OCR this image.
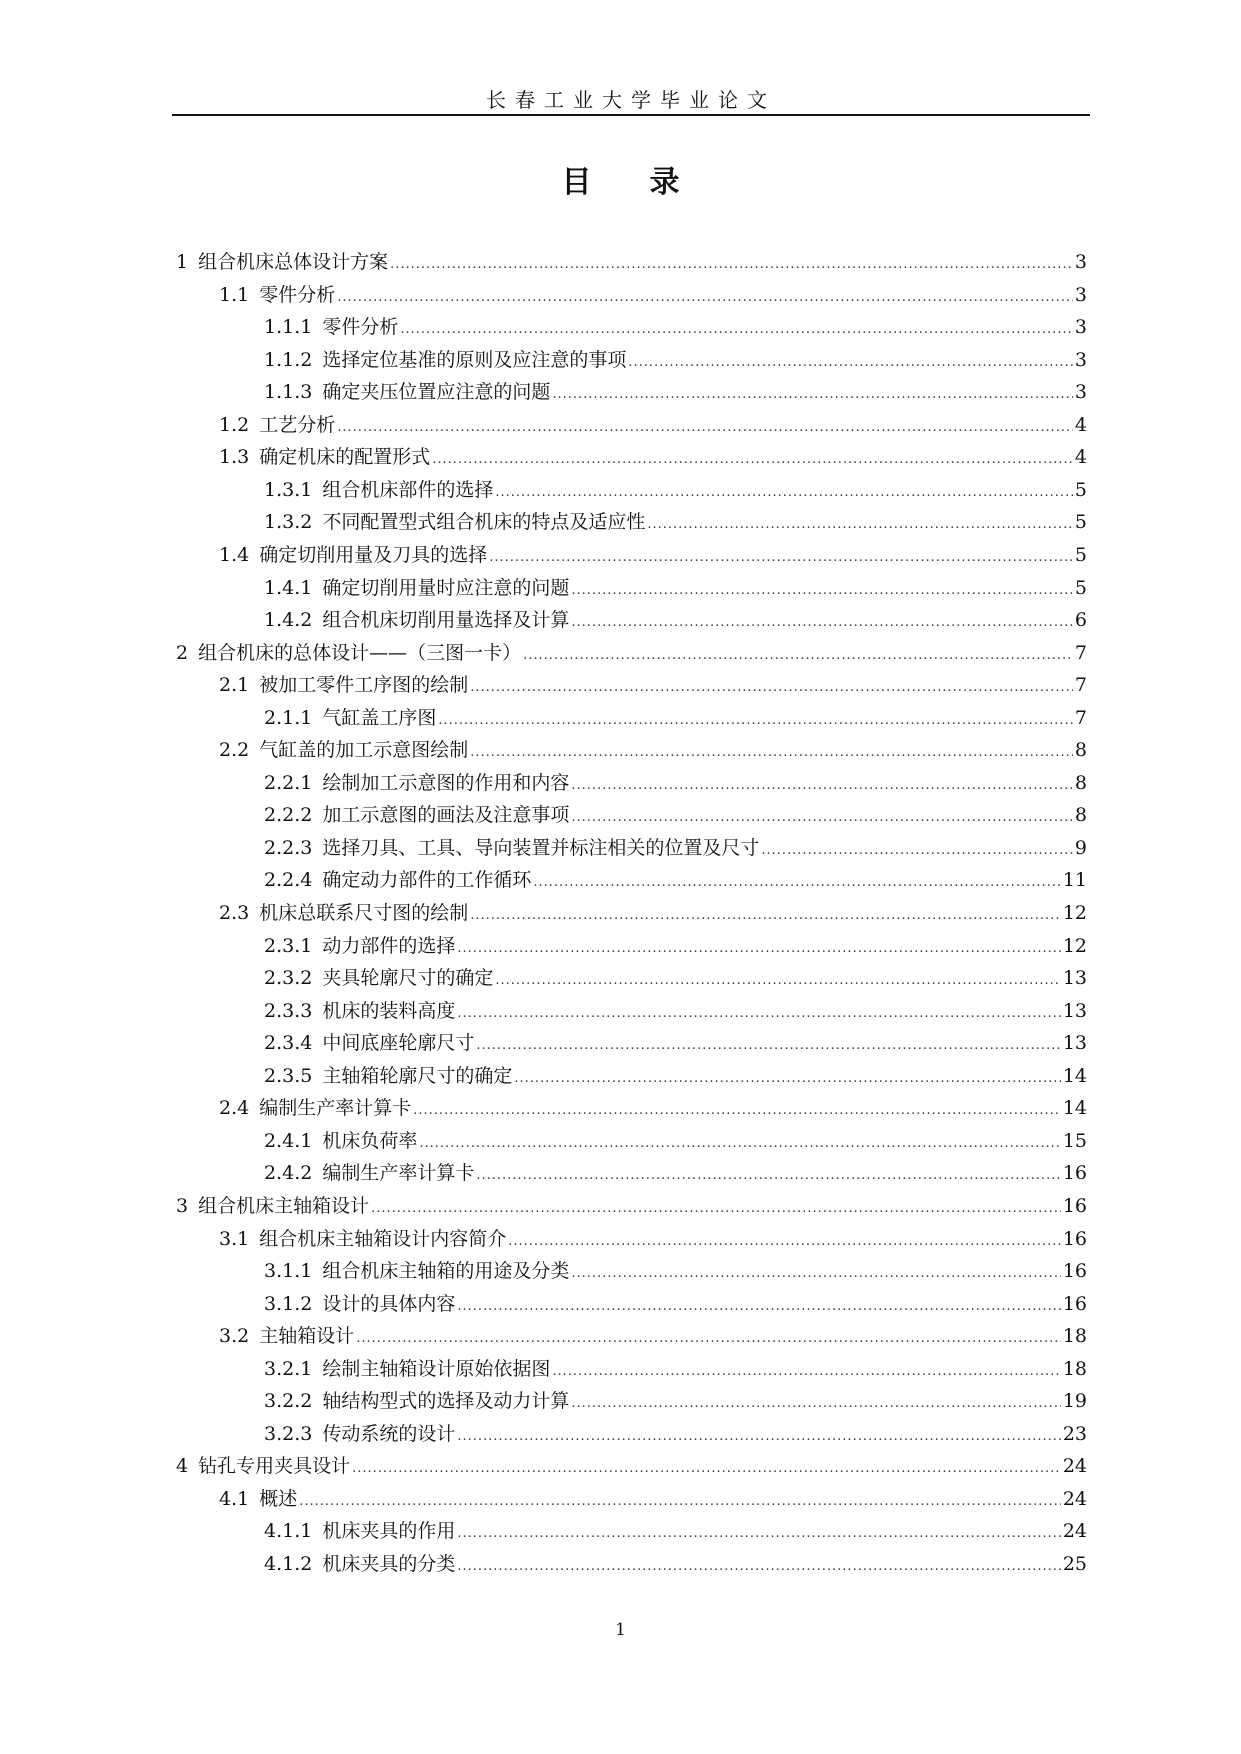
长春工业大学毕业论文
目录
1 组合机床总体设计方案 .....	3
1.1 零件分析 .....	3
1.1.1 零件分析 .....	3
1.1.2 选择定位基准的原则及应注意的事项 .....	3
1.1.3 确定夹压位置应注意的问题 .....	3
1.2 工艺分析 .....	4
1.3 确定机床的配置形式 .....	4
1.3.1 组合机床部件的选择 .....	5
1.3.2 不同配置型式组合机床的特点及适应性 .....	5
1.4 确定切削用量及刀具的选择 .....	5
1.4.1 确定切削用量时应注意的问题 .....	5
1.4.2 组合机床切削用量选择及计算 .....	6
2 组合机床的总体设计——（三图一卡） .....	7
2.1 被加工零件工序图的绘制 .....	7
2.1.1 气缸盖工序图 .....	7
2.2 气缸盖的加工示意图绘制 .....	8
2.2.1 绘制加工示意图的作用和内容 .....	8
2.2.2 加工示意图的画法及注意事项 .....	8
2.2.3 选择刀具、工具、导向装置并标注相关的位置及尺寸 .....	9
2.2.4 确定动力部件的工作循环 .....	11
2.3 机床总联系尺寸图的绘制 .....	12
2.3.1 动力部件的选择 .....	12
2.3.2 夹具轮廓尺寸的确定 .....	13
2.3.3 机床的装料高度 .....	13
2.3.4 中间底座轮廓尺寸 .....	13
2.3.5 主轴箱轮廓尺寸的确定 .....	14
2.4 编制生产率计算卡 .....	14
2.4.1 机床负荷率 .....	15
2.4.2 编制生产率计算卡 .....	16
3 组合机床主轴箱设计 .....	16
3.1 组合机床主轴箱设计内容简介 .....	16
3.1.1 组合机床主轴箱的用途及分类 .....	16
3.1.2 设计的具体内容 .....	16
3.2 主轴箱设计 .....	18
3.2.1 绘制主轴箱设计原始依据图 .....	18
3.2.2 轴结构型式的选择及动力计算 .....	19
3.2.3 传动系统的设计 .....	23
4 钻孔专用夹具设计 .....	24
4.1 概述 .....	24
4.1.1 机床夹具的作用 .....	24
4.1.2 机床夹具的分类 .....	25
1
